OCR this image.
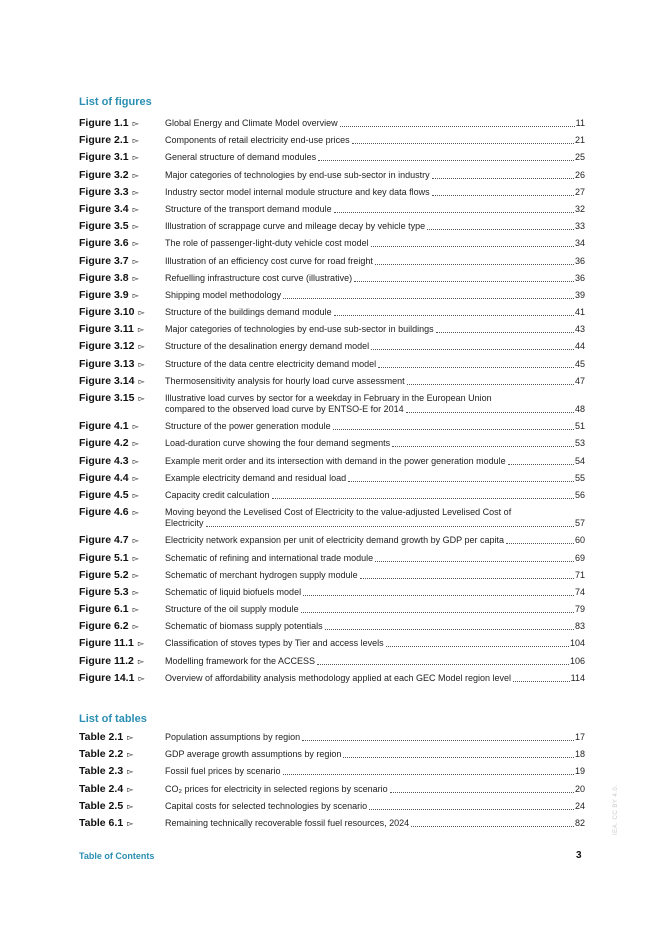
List of figures
Figure 1.1 ▻	Global Energy and Climate Model overview	11
Figure 2.1 ▻	Components of retail electricity end-use prices	21
Figure 3.1 ▻	General structure of demand modules	25
Figure 3.2 ▻	Major categories of technologies by end-use sub-sector in industry	26
Figure 3.3 ▻	Industry sector model internal module structure and key data flows	27
Figure 3.4 ▻	Structure of the transport demand module	32
Figure 3.5 ▻	Illustration of scrappage curve and mileage decay by vehicle type	33
Figure 3.6 ▻	The role of passenger-light-duty vehicle cost model	34
Figure 3.7 ▻	Illustration of an efficiency cost curve for road freight	36
Figure 3.8 ▻	Refuelling infrastructure cost curve (illustrative)	36
Figure 3.9 ▻	Shipping model methodology	39
Figure 3.10 ▻	Structure of the buildings demand module	41
Figure 3.11 ▻	Major categories of technologies by end-use sub-sector in buildings	43
Figure 3.12 ▻	Structure of the desalination energy demand model	44
Figure 3.13 ▻	Structure of the data centre electricity demand model	45
Figure 3.14 ▻	Thermosensitivity analysis for hourly load curve assessment	47
Figure 3.15 ▻	Illustrative load curves by sector for a weekday in February in the European Union
compared to the observed load curve by ENTSO-E for 2014	48
Figure 4.1 ▻	Structure of the power generation module	51
Figure 4.2 ▻	Load-duration curve showing the four demand segments	53
Figure 4.3 ▻	Example merit order and its intersection with demand in the power generation module	54
Figure 4.4 ▻	Example electricity demand and residual load	55
Figure 4.5 ▻	Capacity credit calculation	56
Figure 4.6 ▻	Moving beyond the Levelised Cost of Electricity to the value-adjusted Levelised Cost of
Electricity	57
Figure 4.7 ▻	Electricity network expansion per unit of electricity demand growth by GDP per capita	60
Figure 5.1 ▻	Schematic of refining and international trade module	69
Figure 5.2 ▻	Schematic of merchant hydrogen supply module	71
Figure 5.3 ▻	Schematic of liquid biofuels model	74
Figure 6.1 ▻	Structure of the oil supply module	79
Figure 6.2 ▻	Schematic of biomass supply potentials	83
Figure 11.1 ▻	Classification of stoves types by Tier and access levels	104
Figure 11.2 ▻	Modelling framework for the ACCESS	106
Figure 14.1 ▻	Overview of affordability analysis methodology applied at each GEC Model region level	114
List of tables
Table 2.1 ▻	Population assumptions by region	17
Table 2.2 ▻	GDP average growth assumptions by region	18
Table 2.3 ▻	Fossil fuel prices by scenario	19
Table 2.4 ▻	CO₂ prices for electricity in selected regions by scenario	20
Table 2.5 ▻	Capital costs for selected technologies by scenario	24
Table 6.1 ▻	Remaining technically recoverable fossil fuel resources, 2024	82
Table of Contents	3
IEA. CC BY 4.0.
